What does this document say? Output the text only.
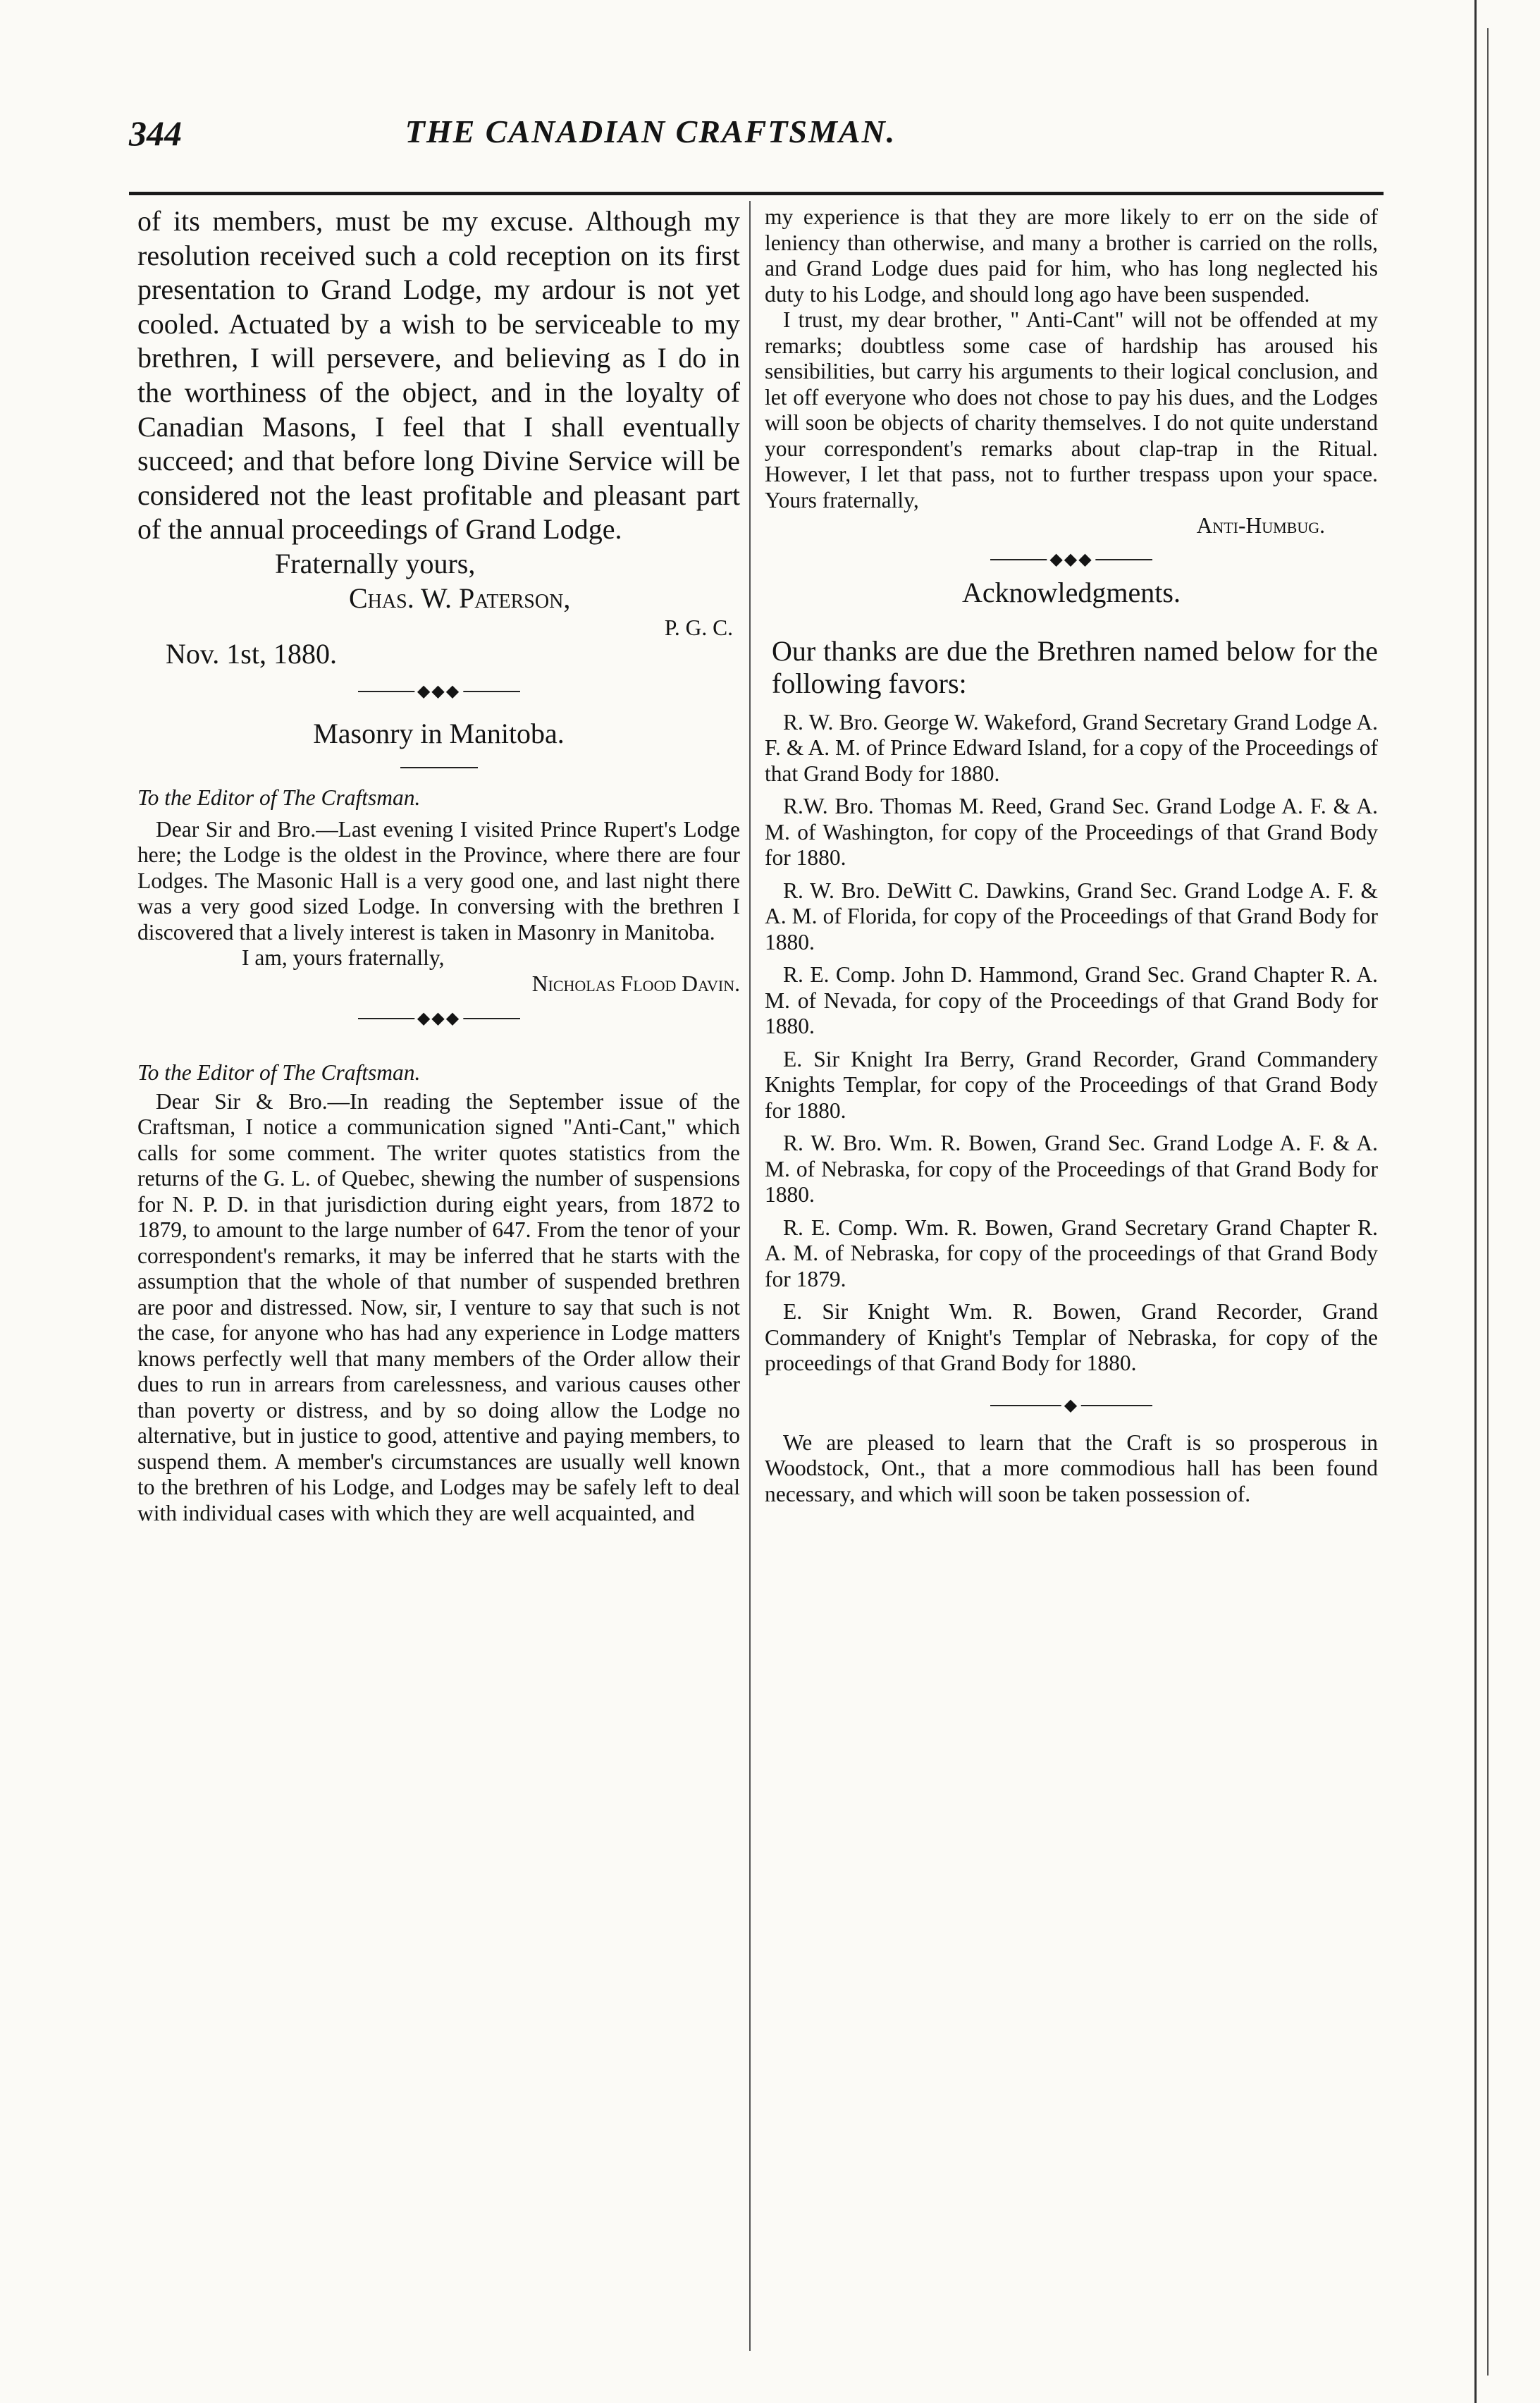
344	THE CANADIAN CRAFTSMAN.

of its members, must be my excuse. Although my resolution received such a cold reception on its first presentation to Grand Lodge, my ardour is not yet cooled. Actuated by a wish to be serviceable to my brethren, I will persevere, and believing as I do in the worthiness of the object, and in the loyalty of Canadian Masons, I feel that I shall eventually succeed; and that before long Divine Service will be considered not the least profitable and pleasant part of the annual proceedings of Grand Lodge.

Fraternally yours,

Chas. W. Paterson,

P. G. C.

Nov. 1st, 1880.

◆◆◆
Masonry in Manitoba.

To the Editor of The Craftsman.

Dear Sir and Bro.—Last evening I visited Prince Rupert's Lodge here; the Lodge is the oldest in the Province, where there are four Lodges. The Masonic Hall is a very good one, and last night there was a very good sized Lodge. In conversing with the brethren I discovered that a lively interest is taken in Masonry in Manitoba.

I am, yours fraternally,

Nicholas Flood Davin.

◆◆◆

To the Editor of The Craftsman.

Dear Sir & Bro.—In reading the September issue of the Craftsman, I notice a communication signed "Anti-Cant," which calls for some comment. The writer quotes statistics from the returns of the G. L. of Quebec, shewing the number of suspensions for N. P. D. in that jurisdiction during eight years, from 1872 to 1879, to amount to the large number of 647. From the tenor of your correspondent's remarks, it may be inferred that he starts with the assumption that the whole of that number of suspended brethren are poor and distressed. Now, sir, I venture to say that such is not the case, for anyone who has had any experience in Lodge matters knows perfectly well that many members of the Order allow their dues to run in arrears from carelessness, and various causes other than poverty or distress, and by so doing allow the Lodge no alternative, but in justice to good, attentive and paying members, to suspend them. A member's circumstances are usually well known to the brethren of his Lodge, and Lodges may be safely left to deal with individual cases with which they are well acquainted, and

my experience is that they are more likely to err on the side of leniency than otherwise, and many a brother is carried on the rolls, and Grand Lodge dues paid for him, who has long neglected his duty to his Lodge, and should long ago have been suspended.

I trust, my dear brother, " Anti-Cant" will not be offended at my remarks; doubtless some case of hardship has aroused his sensibilities, but carry his arguments to their logical conclusion, and let off everyone who does not chose to pay his dues, and the Lodges will soon be objects of charity themselves. I do not quite understand your correspondent's remarks about clap-trap in the Ritual. However, I let that pass, not to further trespass upon your space. Yours fraternally,

Anti-Humbug.

◆◆◆
Acknowledgments.

Our thanks are due the Brethren named below for the following favors:

R. W. Bro. George W. Wakeford, Grand Secretary Grand Lodge A. F. & A. M. of Prince Edward Island, for a copy of the Proceedings of that Grand Body for 1880.

R.W. Bro. Thomas M. Reed, Grand Sec. Grand Lodge A. F. & A. M. of Washington, for copy of the Proceedings of that Grand Body for 1880.

R. W. Bro. DeWitt C. Dawkins, Grand Sec. Grand Lodge A. F. & A. M. of Florida, for copy of the Proceedings of that Grand Body for 1880.

R. E. Comp. John D. Hammond, Grand Sec. Grand Chapter R. A. M. of Nevada, for copy of the Proceedings of that Grand Body for 1880.

E. Sir Knight Ira Berry, Grand Recorder, Grand Commandery Knights Templar, for copy of the Proceedings of that Grand Body for 1880.

R. W. Bro. Wm. R. Bowen, Grand Sec. Grand Lodge A. F. & A. M. of Nebraska, for copy of the Proceedings of that Grand Body for 1880.

R. E. Comp. Wm. R. Bowen, Grand Secretary Grand Chapter R. A. M. of Nebraska, for copy of the proceedings of that Grand Body for 1879.

E. Sir Knight Wm. R. Bowen, Grand Recorder, Grand Commandery of Knight's Templar of Nebraska, for copy of the proceedings of that Grand Body for 1880.

◆

We are pleased to learn that the Craft is so prosperous in Woodstock, Ont., that a more commodious hall has been found necessary, and which will soon be taken possession of.
